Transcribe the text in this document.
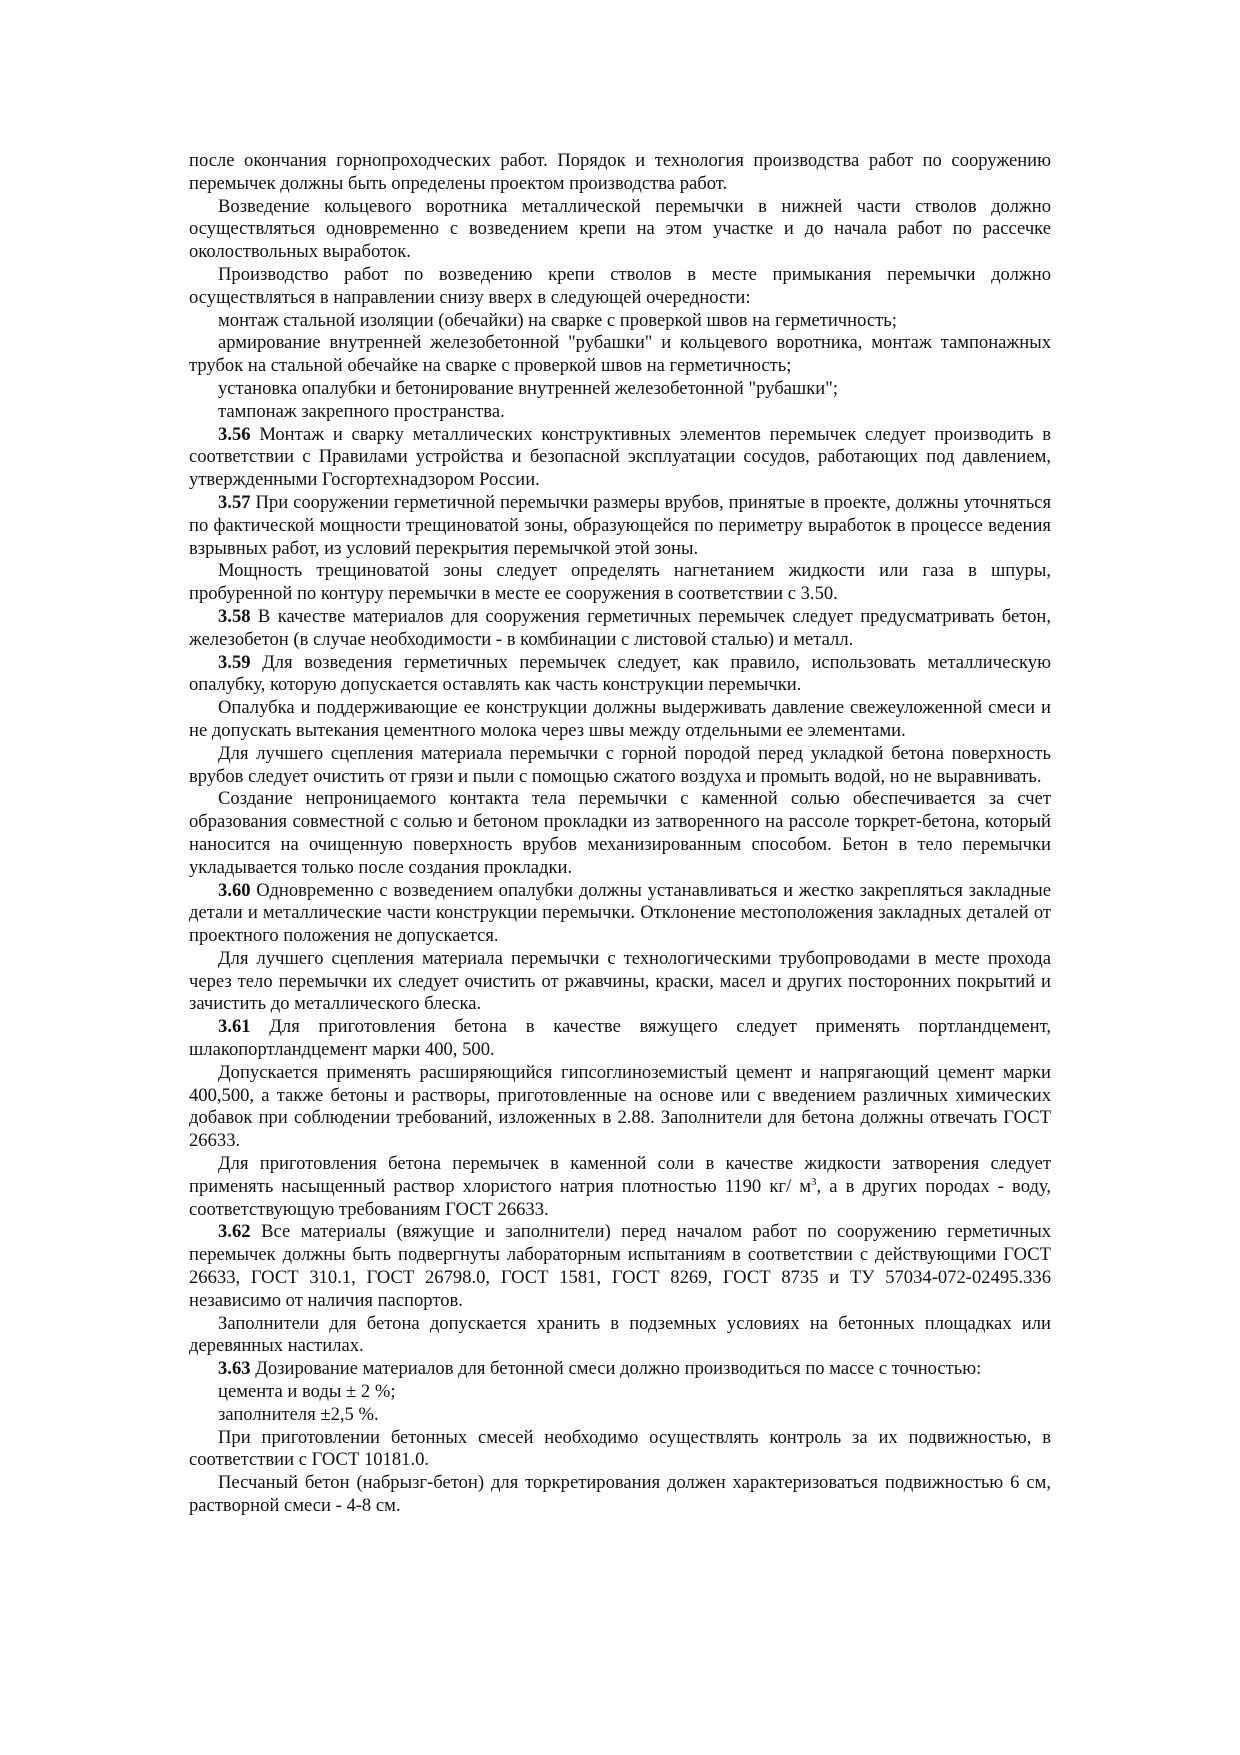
после окончания горнопроходческих работ. Порядок и технология производства работ по сооружению перемычек должны быть определены проектом производства работ.

Возведение кольцевого воротника металлической перемычки в нижней части стволов должно осуществляться одновременно с возведением крепи на этом участке и до начала работ по рассечке околоствольных выработок.

Производство работ по возведению крепи стволов в месте примыкания перемычки должно осуществляться в направлении снизу вверх в следующей очередности:

монтаж стальной изоляции (обечайки) на сварке с проверкой швов на герметичность;

армирование внутренней железобетонной "рубашки" и кольцевого воротника, монтаж тампонажных трубок на стальной обечайке на сварке с проверкой швов на герметичность;

установка опалубки и бетонирование внутренней железобетонной "рубашки";

тампонаж закрепного пространства.

3.56 Монтаж и сварку металлических конструктивных элементов перемычек следует производить в соответствии с Правилами устройства и безопасной эксплуатации сосудов, работающих под давлением, утвержденными Госгортехнадзором России.

3.57 При сооружении герметичной перемычки размеры врубов, принятые в проекте, должны уточняться по фактической мощности трещиноватой зоны, образующейся по периметру выработок в процессе ведения взрывных работ, из условий перекрытия перемычкой этой зоны.

Мощность трещиноватой зоны следует определять нагнетанием жидкости или газа в шпуры, пробуренной по контуру перемычки в месте ее сооружения в соответствии с 3.50.

3.58 В качестве материалов для сооружения герметичных перемычек следует предусматривать бетон, железобетон (в случае необходимости - в комбинации с листовой сталью) и металл.

3.59 Для возведения герметичных перемычек следует, как правило, использовать металлическую опалубку, которую допускается оставлять как часть конструкции перемычки.

Опалубка и поддерживающие ее конструкции должны выдерживать давление свежеуложенной смеси и не допускать вытекания цементного молока через швы между отдельными ее элементами.

Для лучшего сцепления материала перемычки с горной породой перед укладкой бетона поверхность врубов следует очистить от грязи и пыли с помощью сжатого воздуха и промыть водой, но не выравнивать.

Создание непроницаемого контакта тела перемычки с каменной солью обеспечивается за счет образования совместной с солью и бетоном прокладки из затворенного на рассоле торкрет-бетона, который наносится на очищенную поверхность врубов механизированным способом. Бетон в тело перемычки укладывается только после создания прокладки.

3.60 Одновременно с возведением опалубки должны устанавливаться и жестко закрепляться закладные детали и металлические части конструкции перемычки. Отклонение местоположения закладных деталей от проектного положения не допускается.

Для лучшего сцепления материала перемычки с технологическими трубопроводами в месте прохода через тело перемычки их следует очистить от ржавчины, краски, масел и других посторонних покрытий и зачистить до металлического блеска.

3.61 Для приготовления бетона в качестве вяжущего следует применять портландцемент, шлакопортландцемент марки 400, 500.

Допускается применять расширяющийся гипсоглиноземистый цемент и напрягающий цемент марки 400,500, а также бетоны и растворы, приготовленные на основе или с введением различных химических добавок при соблюдении требований, изложенных в 2.88. Заполнители для бетона должны отвечать ГОСТ 26633.

Для приготовления бетона перемычек в каменной соли в качестве жидкости затворения следует применять насыщенный раствор хлористого натрия плотностью 1190 кг/ $м^3$, а в других породах - воду, соответствующую требованиям ГОСТ 26633.

3.62 Все материалы (вяжущие и заполнители) перед началом работ по сооружению герметичных перемычек должны быть подвергнуты лабораторным испытаниям в соответствии с действующими ГОСТ 26633, ГОСТ 310.1, ГОСТ 26798.0, ГОСТ 1581, ГОСТ 8269, ГОСТ 8735 и ТУ 57034-072-02495.336 независимо от наличия паспортов.

Заполнители для бетона допускается хранить в подземных условиях на бетонных площадках или деревянных настилах.

3.63 Дозирование материалов для бетонной смеси должно производиться по массе с точностью:

цемента и воды ± 2 %;

заполнителя ±2,5 %.

При приготовлении бетонных смесей необходимо осуществлять контроль за их подвижностью, в соответствии с ГОСТ 10181.0.

Песчаный бетон (набрызг-бетон) для торкретирования должен характеризоваться подвижностью 6 см, растворной смеси - 4-8 см.
